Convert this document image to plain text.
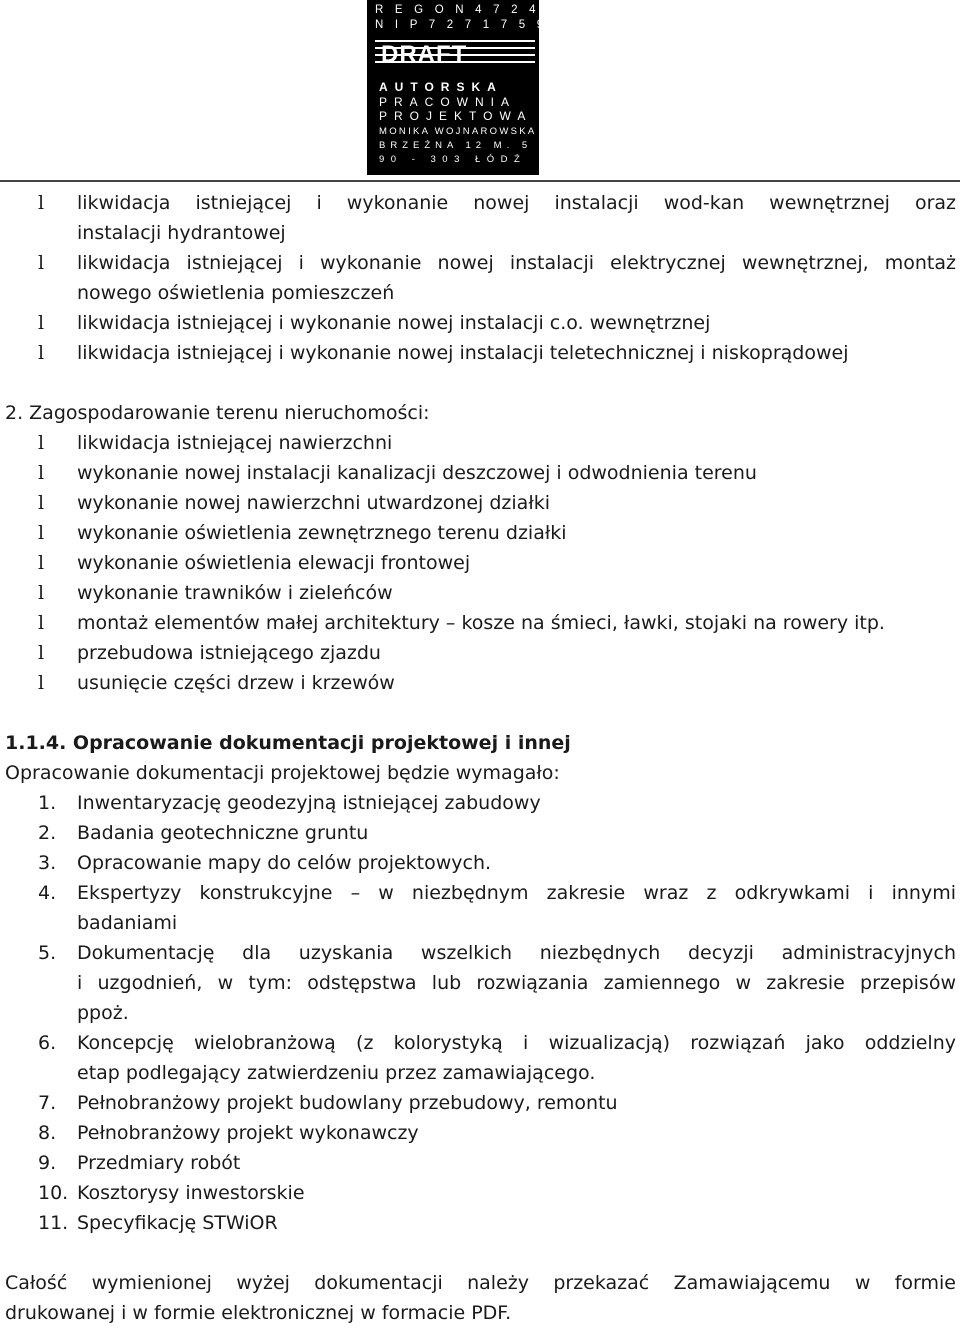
R E G O N 4 7 2 4 0 2 5 3 7
N I P 7 2 7 1 7 5 9 6 1 1
DRAFT
AUTORSKA
PRACOWNIA
PROJEKTOWA
MONIKA WOJNAROWSKA
BRZEŹNA 12 M. 5
90 - 303 ŁÓDŹ
l	likwidacja istniejącej i wykonanie nowej instalacji wod-kan wewnętrznej oraz
instalacji hydrantowej
l	likwidacja istniejącej i wykonanie nowej instalacji elektrycznej wewnętrznej, montaż
nowego oświetlenia pomieszczeń
l	likwidacja istniejącej i wykonanie nowej instalacji c.o. wewnętrznej
l	likwidacja istniejącej i wykonanie nowej instalacji teletechnicznej i niskoprądowej
2. Zagospodarowanie terenu nieruchomości:
l	likwidacja istniejącej nawierzchni
l	wykonanie nowej instalacji kanalizacji deszczowej i odwodnienia terenu
l	wykonanie nowej nawierzchni utwardzonej działki
l	wykonanie oświetlenia zewnętrznego terenu działki
l	wykonanie oświetlenia elewacji frontowej
l	wykonanie trawników i zieleńców
l	montaż elementów małej architektury – kosze na śmieci, ławki, stojaki na rowery itp.
l	przebudowa istniejącego zjazdu
l	usunięcie części drzew i krzewów
1.1.4. Opracowanie dokumentacji projektowej i innej
Opracowanie dokumentacji projektowej będzie wymagało:
1. Inwentaryzację geodezyjną istniejącej zabudowy
2. Badania geotechniczne gruntu
3. Opracowanie mapy do celów projektowych.
4. Ekspertyzy konstrukcyjne – w niezbędnym zakresie wraz z odkrywkami i innymi
badaniami
5. Dokumentację dla uzyskania wszelkich niezbędnych decyzji administracyjnych
i uzgodnień, w tym: odstępstwa lub rozwiązania zamiennego w zakresie przepisów
ppoż.
6. Koncepcję wielobranżową (z kolorystyką i wizualizacją) rozwiązań jako oddzielny
etap podlegający zatwierdzeniu przez zamawiającego.
7. Pełnobranżowy projekt budowlany przebudowy, remontu
8. Pełnobranżowy projekt wykonawczy
9. Przedmiary robót
10. Kosztorysy inwestorskie
11. Specyfikację STWiOR
Całość wymienionej wyżej dokumentacji należy przekazać Zamawiającemu w formie
drukowanej i w formie elektronicznej w formacie PDF.
